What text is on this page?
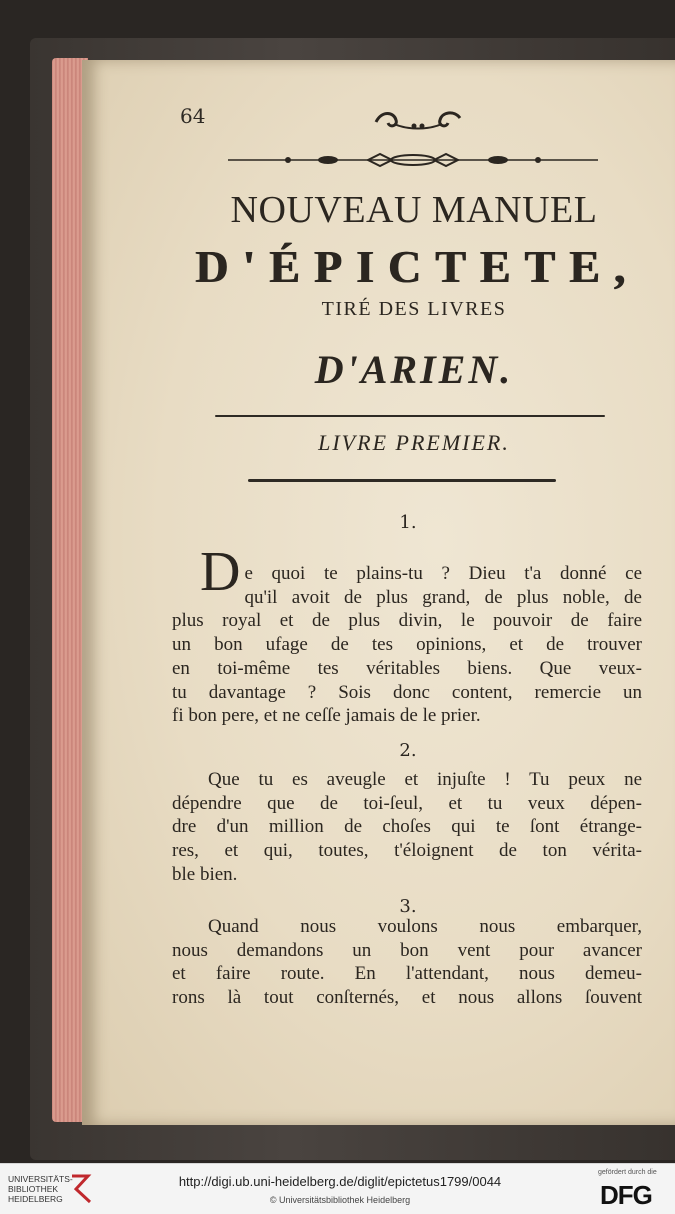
64
NOUVEAU MANUEL
D'ÉPICTETE,
TIRÉ DES LIVRES
D'ARIEN.
LIVRE PREMIER.
1.
D e quoi te plains-tu ? Dieu t'a donné ce
qu'il avoit de plus grand, de plus noble, de
plus royal et de plus divin, le pouvoir de faire
un bon ufage de tes opinions, et de trouver
en toi-même tes véritables biens. Que veux-
tu davantage ? Sois donc content, remercie un
fi bon pere, et ne ceſſe jamais de le prier.
2.
Que tu es aveugle et injuſte ! Tu peux ne
dépendre que de toi-ſeul, et tu veux dépen-
dre d'un million de choſes qui te ſont étrange-
res, et qui, toutes, t'éloignent de ton vérita-
ble bien.
3.
Quand nous voulons nous embarquer,
nous demandons un bon vent pour avancer
et faire route. En l'attendant, nous demeu-
rons là tout conſternés, et nous allons ſouvent
UNIVERSITÄTS- BIBLIOTHEK HEIDELBERG
http://digi.ub.uni-heidelberg.de/diglit/epictetus1799/0044
© Universitätsbibliothek Heidelberg
gefördert durch die
DFG
